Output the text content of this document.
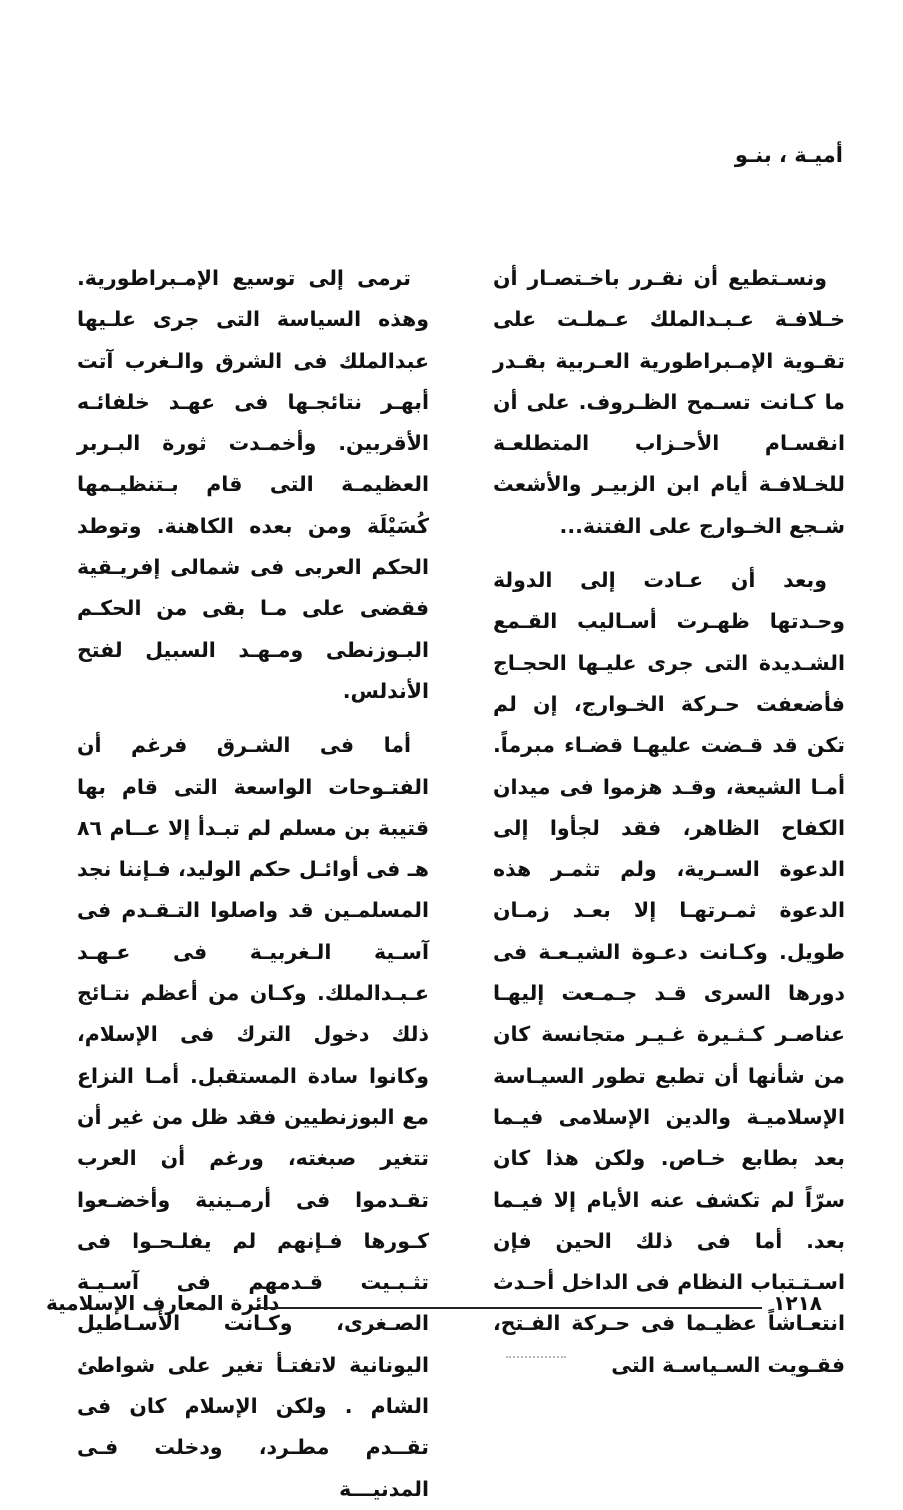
أميـة ، بنـو

ونسـتطيع أن نقـرر باخـتصـار أن خـلافـة عـبـدالملك عـملـت على تقـوية الإمـبراطورية العـربية بقـدر ما كـانت تسـمح الظـروف. على أن انقسـام الأحـزاب المتطلعـة للخـلافـة أيام ابن الزبيـر والأشعث شـجع الخـوارج على الفتنة...

وبعد أن عـادت إلى الدولة وحـدتها ظهـرت أسـاليب القـمع الشـديدة التى جرى عليـها الحجـاج فأضعفت حـركة الخـوارج، إن لم تكن قد قـضت عليهـا قضـاء مبرماً. أمـا الشيعة، وقـد هزموا فى ميدان الكفاح الظاهر، فقد لجأوا إلى الدعوة السـرية، ولم تثمـر هذه الدعوة ثمـرتهـا إلا بعـد زمـان طويل. وكـانت دعـوة الشيـعـة فى دورها السرى قـد جـمـعت إليهـا عناصـر كـثـيرة غـيـر متجانسة كان من شأنها أن تطبع تطور السيـاسة الإسلاميـة والدين الإسلامى فيـما بعد بطابع خـاص. ولكن هذا كان سرّاً لم تكشف عنه الأيام إلا فيـما بعد. أما فى ذلك الحين فإن اسـتـتباب النظام فى الداخل أحـدث انتعـاشاً عظيـما فى حـركة الفـتح، فقـويت السـياسـة التى

ترمى إلى توسيع الإمـبراطورية. وهذه السياسة التى جرى علـيها عبدالملك فى الشرق والـغرب آتت أبهـر نتائجـها فى عهـد خلفائـه الأقربين. وأخمـدت ثورة البـربر العظيمـة التى قام بـتنظيـمها كُسَيْلَة ومن بعده الكاهنة. وتوطد الحكم العربى فى شمالى إفريـقية فقضى على مـا بقى من الحكـم البـوزنطى ومـهـد السبيل لفتح الأندلس.

أما فى الشـرق فرغم أن الفتـوحات الواسعة التى قام بها قتيبة بن مسلم لم تبـدأ إلا عــام ٨٦ هـ فى أوائـل حكم الوليد، فـإننا نجد المسلمـين قد واصلوا التـقـدم فى آسـية الـغربيـة فى عـهـد عـبـدالملك. وكـان من أعظم نتـائج ذلك دخول الترك فى الإسلام، وكانوا سادة المستقبل. أمـا النزاع مع البوزنطيين فقد ظل من غير أن تتغير صبغته، ورغم أن العرب تقـدموا فى أرمـينية وأخضـعوا كـورها فـإنهم لم يفلـحـوا فى تثـبـيت قـدمهم فى آسـيـة الصـغرى، وكـانت الأسـاطيل اليونانية لاتفتـأ تغير على شواطئ الشام . ولكن الإسلام كان فى تقــدم مطـرد، ودخلت فـى المدنيـــة

دائرة المعارف الإسلامية	١٢١٨
